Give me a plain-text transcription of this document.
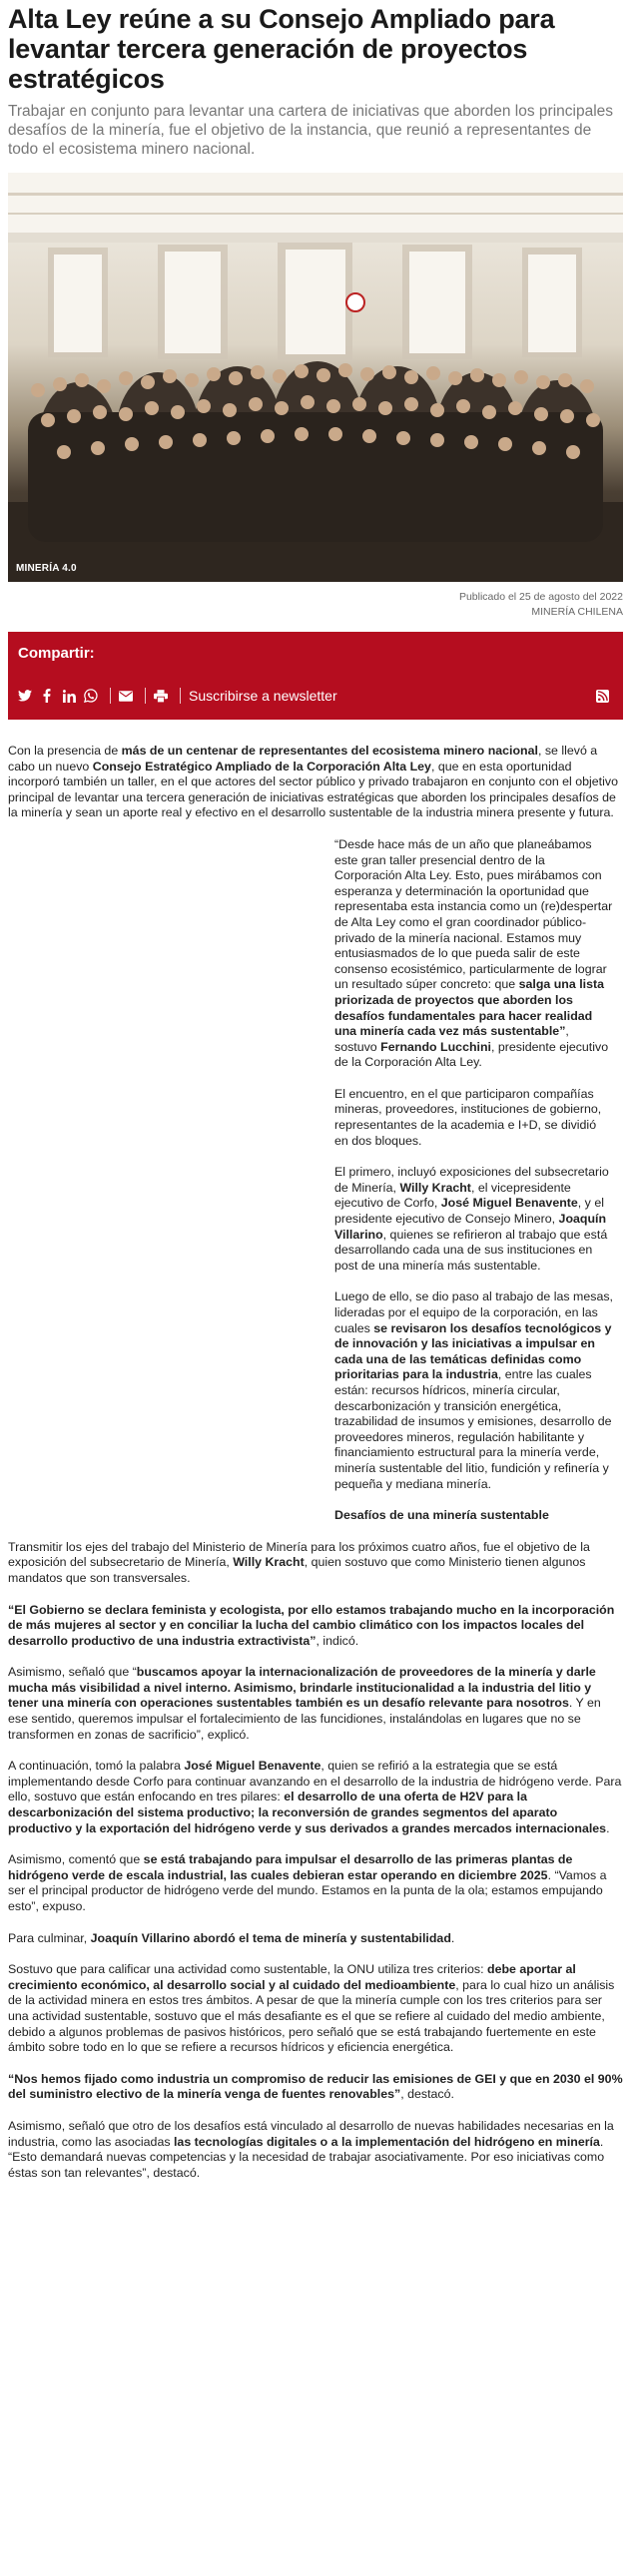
Alta Ley reúne a su Consejo Ampliado para levantar tercera generación de proyectos estratégicos

Trabajar en conjunto para levantar una cartera de iniciativas que aborden los principales desafíos de la minería, fue el objetivo de la instancia, que reunió a representantes de todo el ecosistema minero nacional.

MINERÍA 4.0
Publicado el 25 de agosto del 2022
MINERÍA CHILENA
Compartir:
Suscribirse a newsletter

Con la presencia de más de un centenar de representantes del ecosistema minero nacional, se llevó a cabo un nuevo Consejo Estratégico Ampliado de la Corporación Alta Ley, que en esta oportunidad incorporó también un taller, en el que actores del sector público y privado trabajaron en conjunto con el objetivo principal de levantar una tercera generación de iniciativas estratégicas que aborden los principales desafíos de la minería y sean un aporte real y efectivo en el desarrollo sustentable de la industria minera presente y futura.

“Desde hace más de un año que planeábamos este gran taller presencial dentro de la Corporación Alta Ley. Esto, pues mirábamos con esperanza y determinación la oportunidad que representaba esta instancia como un (re)despertar de Alta Ley como el gran coordinador público-privado de la minería nacional. Estamos muy entusiasmados de lo que pueda salir de este consenso ecosistémico, particularmente de lograr un resultado súper concreto: que salga una lista priorizada de proyectos que aborden los desafíos fundamentales para hacer realidad una minería cada vez más sustentable”, sostuvo Fernando Lucchini, presidente ejecutivo de la Corporación Alta Ley.

El encuentro, en el que participaron compañías mineras, proveedores, instituciones de gobierno, representantes de la academia e I+D, se dividió en dos bloques.

El primero, incluyó exposiciones del subsecretario de Minería, Willy Kracht, el vicepresidente ejecutivo de Corfo, José Miguel Benavente, y el presidente ejecutivo de Consejo Minero, Joaquín Villarino, quienes se refirieron al trabajo que está desarrollando cada una de sus instituciones en post de una minería más sustentable.

Luego de ello, se dio paso al trabajo de las mesas, lideradas por el equipo de la corporación, en las cuales se revisaron los desafíos tecnológicos y de innovación y las iniciativas a impulsar en cada una de las temáticas definidas como prioritarias para la industria, entre las cuales están: recursos hídricos, minería circular, descarbonización y transición energética, trazabilidad de insumos y emisiones, desarrollo de proveedores mineros, regulación habilitante y financiamiento estructural para la minería verde, minería sustentable del litio, fundición y refinería y pequeña y mediana minería.

Desafíos de una minería sustentable

Transmitir los ejes del trabajo del Ministerio de Minería para los próximos cuatro años, fue el objetivo de la exposición del subsecretario de Minería, Willy Kracht, quien sostuvo que como Ministerio tienen algunos mandatos que son transversales.

“El Gobierno se declara feminista y ecologista, por ello estamos trabajando mucho en la incorporación de más mujeres al sector y en conciliar la lucha del cambio climático con los impactos locales del desarrollo productivo de una industria extractivista”, indicó.

Asimismo, señaló que “buscamos apoyar la internacionalización de proveedores de la minería y darle mucha más visibilidad a nivel interno. Asimismo, brindarle institucionalidad a la industria del litio y tener una minería con operaciones sustentables también es un desafío relevante para nosotros. Y en ese sentido, queremos impulsar el fortalecimiento de las funcidiones, instalándolas en lugares que no se transformen en zonas de sacrificio”, explicó.

A continuación, tomó la palabra José Miguel Benavente, quien se refirió a la estrategia que se está implementando desde Corfo para continuar avanzando en el desarrollo de la industria de hidrógeno verde. Para ello, sostuvo que están enfocando en tres pilares: el desarrollo de una oferta de H2V para la descarbonización del sistema productivo; la reconversión de grandes segmentos del aparato productivo y la exportación del hidrógeno verde y sus derivados a grandes mercados internacionales.

Asimismo, comentó que se está trabajando para impulsar el desarrollo de las primeras plantas de hidrógeno verde de escala industrial, las cuales debieran estar operando en diciembre 2025. “Vamos a ser el principal productor de hidrógeno verde del mundo. Estamos en la punta de la ola; estamos empujando esto”, expuso.

Para culminar, Joaquín Villarino abordó el tema de minería y sustentabilidad.

Sostuvo que para calificar una actividad como sustentable, la ONU utiliza tres criterios: debe aportar al crecimiento económico, al desarrollo social y al cuidado del medioambiente, para lo cual hizo un análisis de la actividad minera en estos tres ámbitos. A pesar de que la minería cumple con los tres criterios para ser una actividad sustentable, sostuvo que el más desafiante es el que se refiere al cuidado del medio ambiente, debido a algunos problemas de pasivos históricos, pero señaló que se está trabajando fuertemente en este ámbito sobre todo en lo que se refiere a recursos hídricos y eficiencia energética.

“Nos hemos fijado como industria un compromiso de reducir las emisiones de GEI y que en 2030 el 90% del suministro electivo de la minería venga de fuentes renovables”, destacó.

Asimismo, señaló que otro de los desafíos está vinculado al desarrollo de nuevas habilidades necesarias en la industria, como las asociadas las tecnologías digitales o a la implementación del hidrógeno en minería. “Esto demandará nuevas competencias y la necesidad de trabajar asociativamente. Por eso iniciativas como éstas son tan relevantes”, destacó.
